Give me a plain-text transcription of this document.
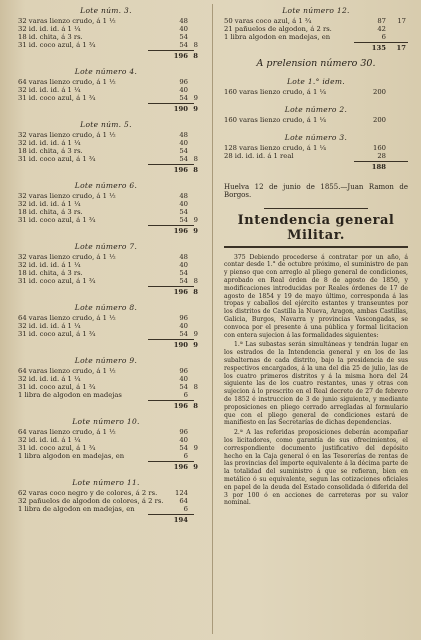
Lote núm. 3.
32 varas lienzo crudo, á 1 ½	48
32 id. id. id. á 1 ¼	40
18 id. chita, á 3 rs.	54
31 id. coco azul, á 1 ¾	54 8
196 8
Lote número 4.
64 varas lienzo crudo, á 1 ½	96
32 id. id. id. á 1 ¼	40
31 id. coco azul, á 1 ¾	54 9
190 9
Lote núm. 5.
32 varas lienzo crudo, á 1 ½	48
32 id. id. id. á 1 ¼	40
18 id. chita, á 3 rs.	54
31 id. coco azul, á 1 ¾	54 8
196 8
Lote número 6.
32 varas lienzo crudo, á 1 ½	48
32 id. id. id. á 1 ¼	40
18 id. chita, á 3 rs.	54
31 id. coco azul, á 1 ¾	54 9
196 9
Lote número 7.
32 varas lienzo crudo, á 1 ½	48
32 id. id. id. á 1 ¼	40
18 id. chita, á 3 rs.	54
31 id. coco azul, á 1 ¾	54 8
196 8
Lote número 8.
64 varas lienzo crudo, á 1 ½	96
32 id. id. id. á 1 ¼	40
31 id. coco azul, á 1 ¾	54 9
190 9
Lote número 9.
64 varas lienzo crudo, á 1 ½	96
32 id. id. id. á 1 ¼	40
31 id. coco azul, á 1 ¾	54 8
1 libra de algodon en madejas	6
196 8
Lote número 10.
64 varas lienzo crudo, á 1 ½	96
32 id. id. id. á 1 ¼	40
31 id. coco azul, á 1 ¾	54 9
1 libra algodon en madejas, en	6
196 9
Lote número 11.
62 varas coco negro y de colores, á 2 rs.	124
32 pañuelos de algodon de colores, á 2 rs.	64
1 libra de algodon en madejas, en	6
194
Lote número 12.
50 varas coco azul, á 1 ¾	87 17
21 pañuelos de algodon, á 2 rs.	42
1 libra algodon en madejas, en	6
135 17
A prelension número 30.
Lote 1.° idem.
160 varas lienzo crudo, á 1 ¼	200
Lote número 2.
160 varas lienzo crudo, á 1 ¼	200
Lote número 3.
128 varas lienzo crudo, á 1 ¼	160
28 id. id. id. á 1 real	28
188
Huelva 12 de junio de 1855.—Juan Ramon de Borgos.
Intendencia general Militar.
375 Debiendo procederse á contratar por un año, á contar desde 1.° de octubre próximo, el suministro de pan y pienso que con arreglo al pliego general de condiciones, aprobado en Real órden de 8 de agosto de 1850, y modificaciones introducidas por Reales órdenes de 17 de agosto de 1854 y 19 de mayo último, corresponda á las tropas y caballos del ejército estantes y transeuntes por los distritos de Castilla la Nueva, Aragon, ambas Castillas, Galicia, Burgos, Navarra y provincias Vascongadas, se convoca por el presente á una pública y formal licitacion con entera sujecion á las formalidades siguientes:
1.ª Las subastas serán simultáneas y tendrán lugar en los estrados de la Intendencia general y en los de las subalternas de cada distrito, bajo la presidencia de sus respectivos encargados, á la una del dia 25 de julio, las de los cuatro primeros distritos y á la misma hora del 24 siguiente las de los cuatro restantes, unas y otras con sujecion á lo prescrito en el Real decreto de 27 de febrero de 1852 é instruccion de 3 de junio siguiente, y mediante proposiciones en pliego cerrado arregladas al formulario que con el pliego general de condiciones estará de manifiesto en las Secretarías de dichas dependencias.
2.ª A las referidas proposiciones deberán acompañar los licitadores, como garantía de sus ofrecimientos, el correspondiente documento justificativo del depósito hecho en la Caja general ó en las Tesorerías de rentas de las provincias del importe equivalente á la décima parte de la totalidad del suministro á que se refieran, bien en metálico ó su equivalente, segun las cotizaciones oficiales en papel de la deuda del Estado consolidada ó diferida del 3 por 100 ó en acciones de carreteras por su valor nominal.
